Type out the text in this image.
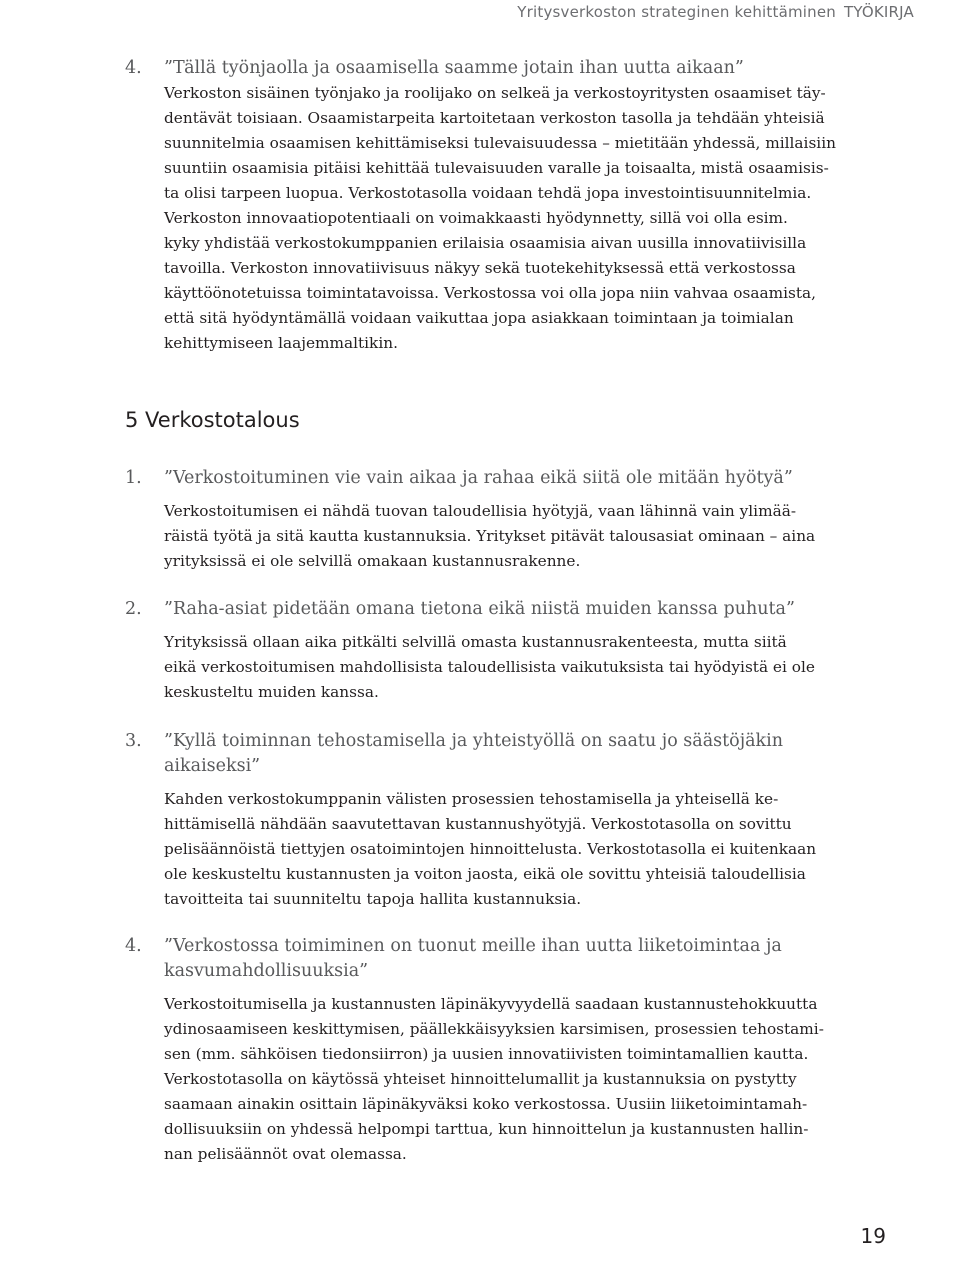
Yritysverkoston strateginen kehittäminen TYÖKIRJA
4.	”Tällä työnjaolla ja osaamisella saamme jotain ihan uutta aikaan”
Verkoston sisäinen työnjako ja roolijako on selkeä ja verkostoyritysten osaamiset täy-
dentävät toisiaan. Osaamistarpeita kartoitetaan verkoston tasolla ja tehdään yhteisiä
suunnitelmia osaamisen kehittämiseksi tulevaisuudessa – mietitään yhdessä, millaisiin
suuntiin osaamisia pitäisi kehittää tulevaisuuden varalle ja toisaalta, mistä osaamisis-
ta olisi tarpeen luopua. Verkostotasolla voidaan tehdä jopa investointisuunnitelmia.
Verkoston innovaatiopotentiaali on voimakkaasti hyödynnetty, sillä voi olla esim.
kyky yhdistää verkostokumppanien erilaisia osaamisia aivan uusilla innovatiivisilla
tavoilla. Verkoston innovatiivisuus näkyy sekä tuotekehityksessä että verkostossa
käyttöönotetuissa toimintatavoissa. Verkostossa voi olla jopa niin vahvaa osaamista,
että sitä hyödyntämällä voidaan vaikuttaa jopa asiakkaan toimintaan ja toimialan
kehittymiseen laajemmaltikin.
5 Verkostotalous
1.	”Verkostoituminen vie vain aikaa ja rahaa eikä siitä ole mitään hyötyä”
Verkostoitumisen ei nähdä tuovan taloudellisia hyötyjä, vaan lähinnä vain ylimää-
räistä työtä ja sitä kautta kustannuksia. Yritykset pitävät talousasiat ominaan – aina
yrityksissä ei ole selvillä omakaan kustannusrakenne.
2.	”Raha-asiat pidetään omana tietona eikä niistä muiden kanssa puhuta”
Yrityksissä ollaan aika pitkälti selvillä omasta kustannusrakenteesta, mutta siitä
eikä verkostoitumisen mahdollisista taloudellisista vaikutuksista tai hyödyistä ei ole
keskusteltu muiden kanssa.
3.	”Kyllä toiminnan tehostamisella ja yhteistyöllä on saatu jo säästöjäkin
aikaiseksi”
Kahden verkostokumppanin välisten prosessien tehostamisella ja yhteisellä ke-
hittämisellä nähdään saavutettavan kustannushyötyjä. Verkostotasolla on sovittu
pelisäännöistä tiettyjen osatoimintojen hinnoittelusta. Verkostotasolla ei kuitenkaan
ole keskusteltu kustannusten ja voiton jaosta, eikä ole sovittu yhteisiä taloudellisia
tavoitteita tai suunniteltu tapoja hallita kustannuksia.
4.	”Verkostossa toimiminen on tuonut meille ihan uutta liiketoimintaa ja
kasvumahdollisuuksia”
Verkostoitumisella ja kustannusten läpinäkyvyydellä saadaan kustannustehokkuutta
ydinosaamiseen keskittymisen, päällekkäisyyksien karsimisen, prosessien tehostami-
sen (mm. sähköisen tiedonsiirron) ja uusien innovatiivisten toimintamallien kautta.
Verkostotasolla on käytössä yhteiset hinnoittelumallit ja kustannuksia on pystytty
saamaan ainakin osittain läpinäkyväksi koko verkostossa. Uusiin liiketoimintamah-
dollisuuksiin on yhdessä helpompi tarttua, kun hinnoittelun ja kustannusten hallin-
nan pelisäännöt ovat olemassa.
19
